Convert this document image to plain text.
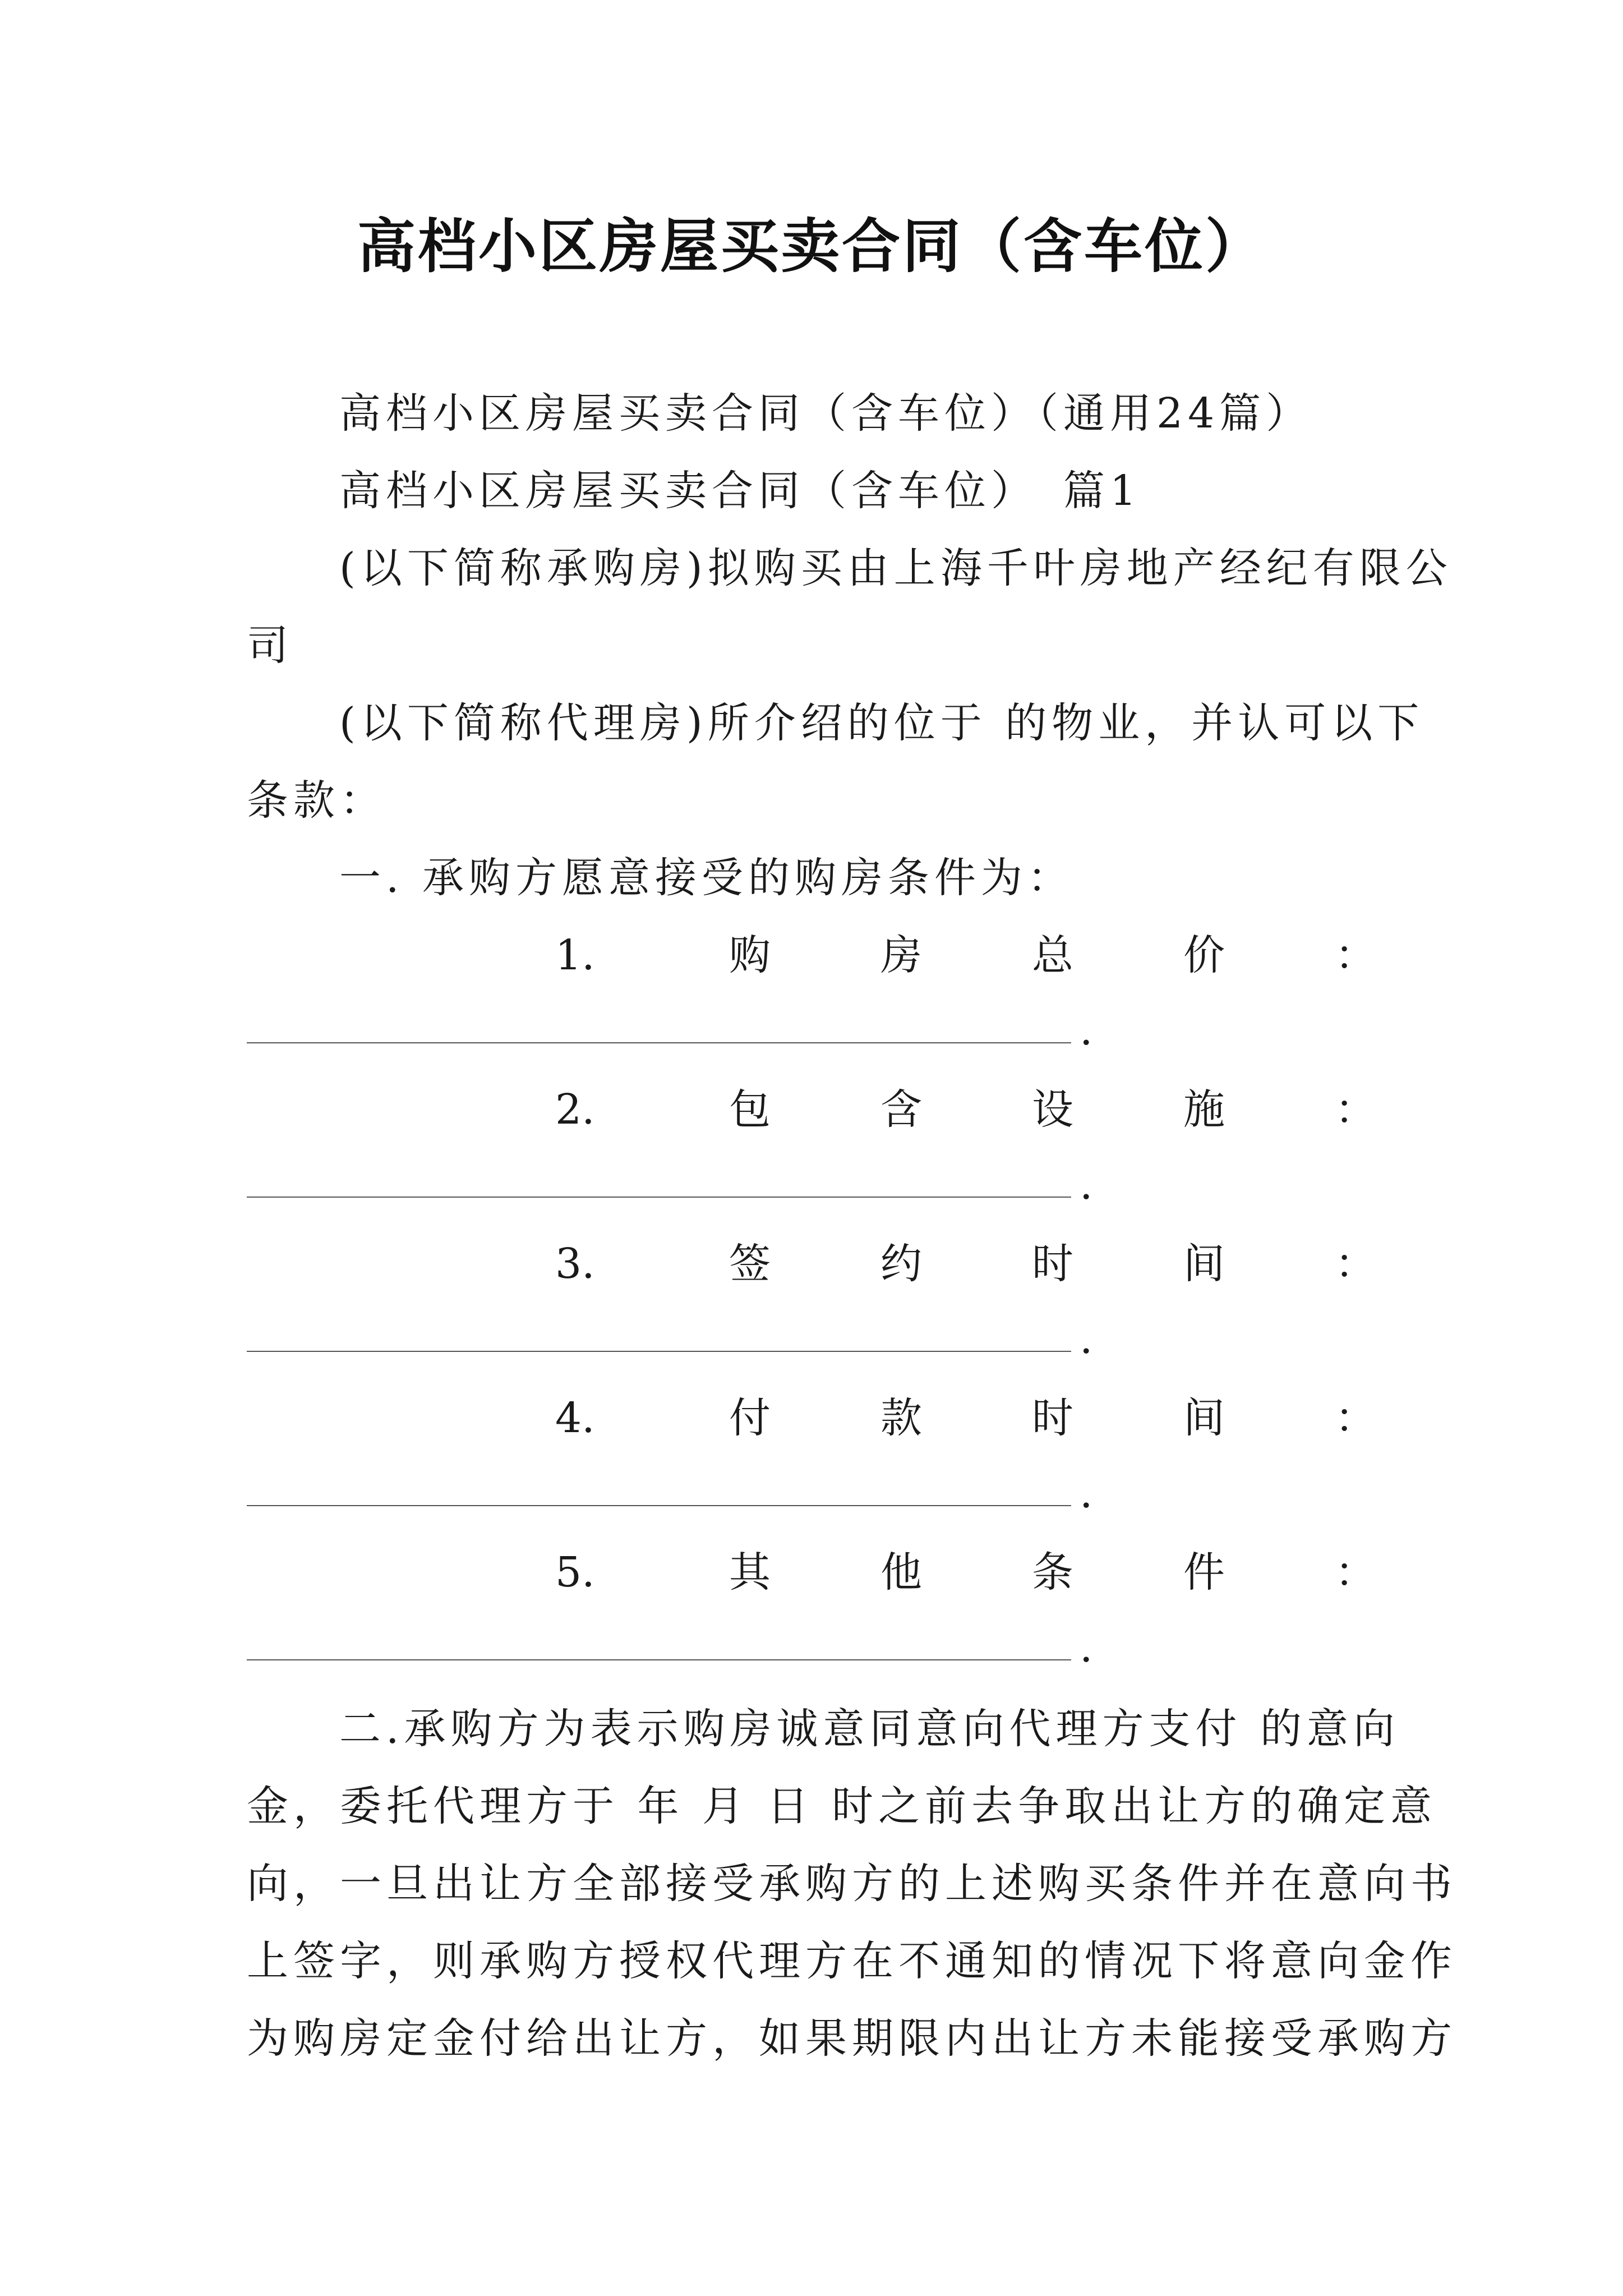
高档小区房屋买卖合同（含车位）
高档小区房屋买卖合同（含车位）（通用24篇）
高档小区房屋买卖合同（含车位）　篇1
(以下简称承购房)拟购买由上海千叶房地产经纪有限公
司
(以下简称代理房)所介绍的位于 的物业，并认可以下
条款：
一. 承购方愿意接受的购房条件为：
1.	购	房	总	价	：
.
2.	包	含	设	施	：
.
3.	签	约	时	间	：
.
4.	付	款	时	间	：
.
5.	其	他	条	件	：
.
二.承购方为表示购房诚意同意向代理方支付 的意向
金，委托代理方于 年 月 日 时之前去争取出让方的确定意
向，一旦出让方全部接受承购方的上述购买条件并在意向书
上签字，则承购方授权代理方在不通知的情况下将意向金作
为购房定金付给出让方，如果期限内出让方未能接受承购方
